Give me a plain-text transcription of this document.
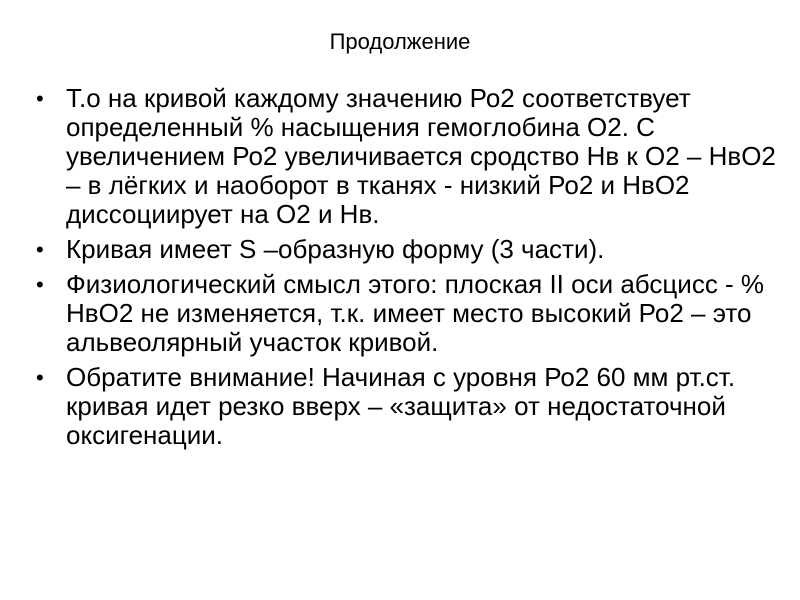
Продолжение
• Т.о на кривой каждому значению Ро2 соответствует определенный % насыщения гемоглобина О2. С увеличением Ро2 увеличивается сродство Нв к О2 – НвО2 – в лёгких и наоборот в тканях - низкий Ро2 и НвО2 диссоциирует на О2 и Нв.
• Кривая имеет S –образную форму (3 части).
• Физиологический смысл этого: плоская II оси абсцисс - % НвО2 не изменяется, т.к. имеет место высокий Ро2 – это альвеолярный участок кривой.
• Обратите внимание! Начиная с уровня Ро2 60 мм рт.ст. кривая идет резко вверх – «защита» от недостаточной оксигенации.
